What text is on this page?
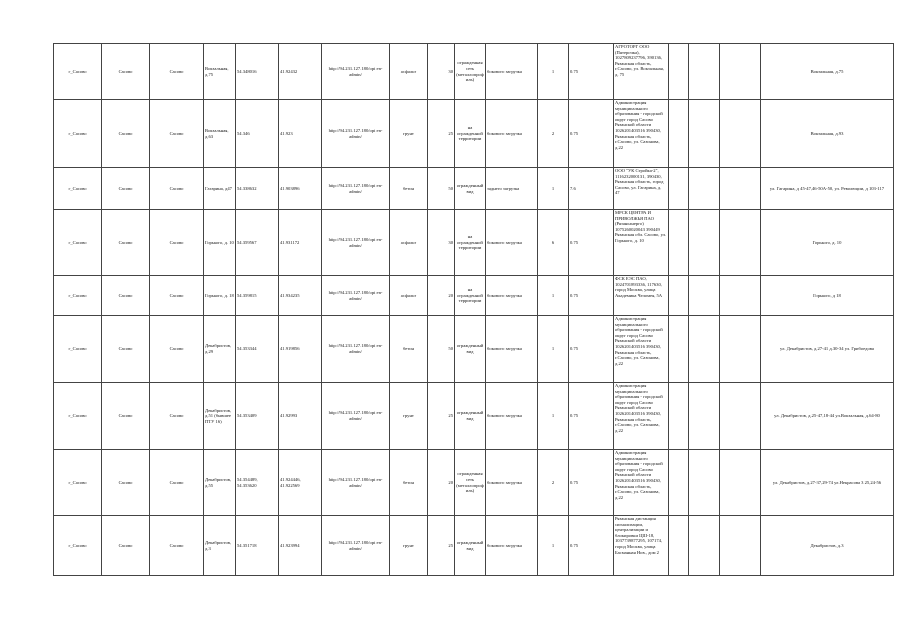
г_Сасово	Сасово	Сасово	Вокзальная, д.75	54.348016	41.92432	http://94.231.127.180/opi en-admin/	асфальт	30	огражденная сеть (металлопрофиль)	бокового загрузка	1	0.75	АГРОТОРГ ООО (Пятерочка), 1027809237796, 390136, Рязанская область, г.Сасово, ул. Вокзальная, д. 75				Вокзальная, д.75
г_Сасово	Сасово	Сасово	Вокзальная, д.63	54.346	41.923	http://94.231.127.180/opi en-admin/	грунт	25	на огражденной территории	бокового загрузка	2	0.75	Администрация муниципального образования - городской округ город Сасово Рязанской области 1026201403516 390430, Рязанская область, г.Сасово, ул. Сазонова, д.22				Вокзальная, д.93
г_Сасово	Сасово	Сасово	Гагарина, д47	54.338632	41.903896	http://94.231.127.180/opi en-admin/	бетон	50	огражденный вид	заднего загрузка	1	7.6	ООО "УК Стройка-2", 1116232000131, 390430, Рязанская область, город Сасово, ул. Гагарина, д. 47				ул. Гагарина, д 45-47,46-50А-50, ул. Революции, д 103-117
г_Сасово	Сасово	Сасово	Горького, д. 10	54.359567	41.931172	http://94.231.127.180/opi en-admin/	асфальт	30	на огражденной территории	бокового загрузка	6	0.75	МРСК ЦЕНТРА И ПРИВОЛЖЬЯ ПАО (Рязаньэнерго) 1075260020043 390449 Рязанская обл. Сасово, ул. Горького, д. 10				Горького, д. 10
г_Сасово	Сасово	Сасово	Горького, д. 18	54.359815	41.934235	http://94.231.127.180/opi en-admin/	асфальт	20	на огражденной территории	бокового загрузка	1	0.75	ФСК ЕЭС ПАО, 1024701893336, 117630, город Москва, улица Академика Челомея, 5А				Горького, д 18
г_Сасово	Сасово	Сасово	Декабристов, д.29	54.353344	41.919856	http://94.231.127.180/opi en-admin/	бетон	50	огражденный вид	бокового загрузка	1	0.75	Администрация муниципального образования - городской округ город Сасово Рязанской области 1026201403516 390430, Рязанская область, г.Сасово, ул. Сазонова, д.22				ул. Декабристов, д.27-41 д.30-34 ул. Грибоедова
г_Сасово	Сасово	Сасово	Декабристов, д.51 (бывшее ПТУ 16)	54.353409	41.92993	http://94.231.127.180/opi en-admin/	грунт	25	огражденный вид	бокового загрузка	1	0.75	Администрация муниципального образования - городской округ город Сасово Рязанской области 1026201403516 390430, Рязанская область, г.Сасово, ул. Сазонова, д.22				ул. Декабристов, д.25-47,18-44 ул.Вокзальная, д.64-80
г_Сасово	Сасово	Сасово	Декабристов, д.55	54.354489, 54.353620	41.924446, 41.922569	http://94.231.127.180/opi en-admin/	бетон	20	огражденная сеть (металлопрофиль)	бокового загрузка	2	0.75	Администрация муниципального образования - городской округ город Сасово Рязанской области 1026201403516 390430, Рязанская область, г.Сасово, ул. Сазонова, д.22				ул. Декабристов, д.27-37,29-74 ул.Некрасова 3 25,24-56
г_Сасово	Сасово	Сасово	Декабристов, д.3	54.351718	41.923994	http://94.231.127.180/opi en-admin/	грунт	25	огражденный вид	бокового загрузка	1	0.75	Рязанская дистанция сигнализации, централизации и блокировки ЦШ-18, 1037739877295, 107174, город Москва, улица Басманная Нов., дом 2				Декабристов, д.3
